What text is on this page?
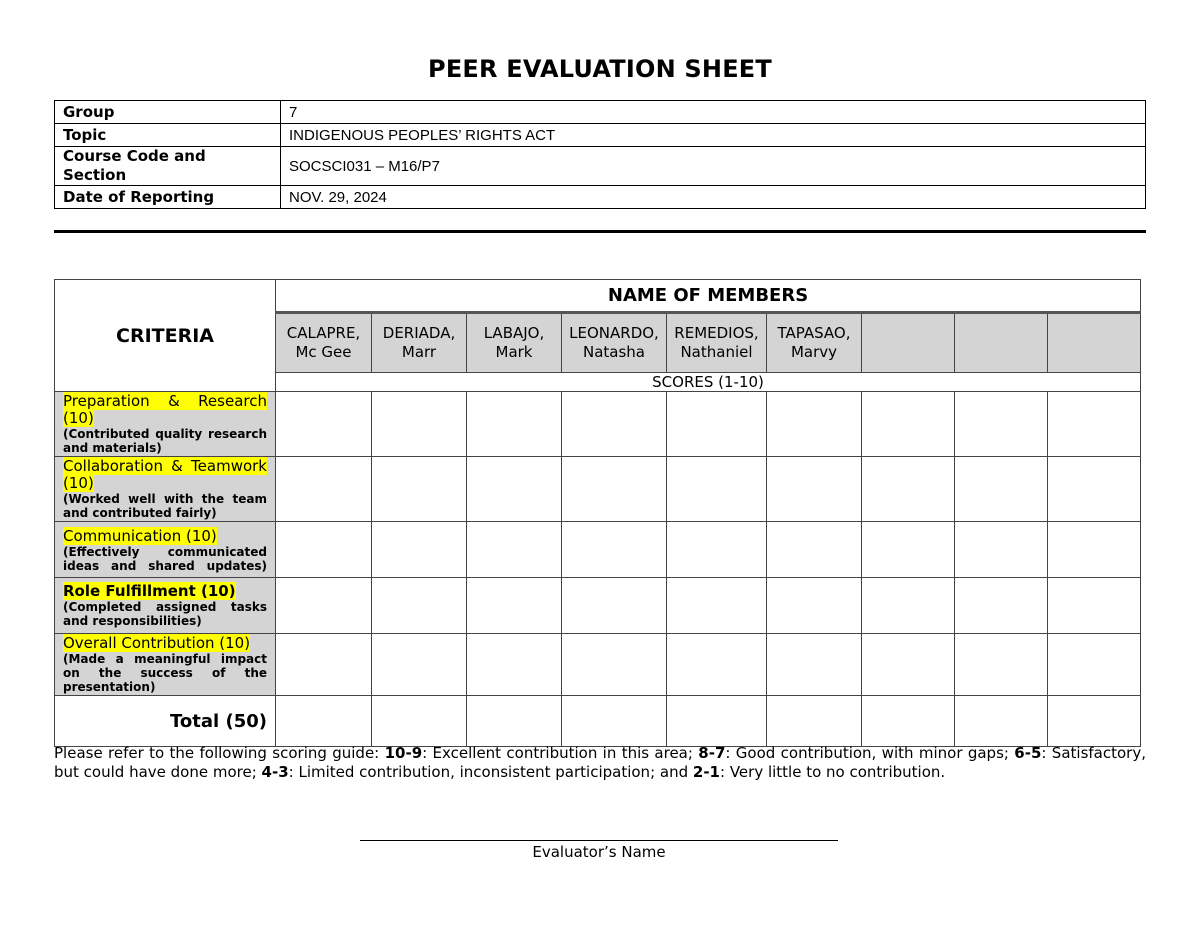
PEER EVALUATION SHEET
Group	7
Topic	INDIGENOUS PEOPLES’ RIGHTS ACT
Course Code and Section	SOCSCI031 – M16/P7
Date of Reporting	NOV. 29, 2024
CRITERIA	NAME OF MEMBERS								
	CALAPRE, Mc Gee	DERIADA, Marr	LABAJO, Mark	LEONARDO, Natasha	REMEDIOS, Nathaniel	TAPASAO, Marvy			
	SCORES (1-10)								

Preparation & Research (10)
(Contributed quality research and materials)									

Collaboration & Teamwork (10)
(Worked well with the team and contributed fairly)									

Communication (10)
(Effectively communicated ideas and shared updates)									

Role Fulfillment (10)
(Completed assigned tasks and responsibilities)									

Overall Contribution (10)
(Made a meaningful impact on the success of the presentation)									

Total (50)									
Please refer to the following scoring guide: 10-9: Excellent contribution in this area; 8-7: Good contribution, with minor gaps; 6-5: Satisfactory, but could have done more; 4-3: Limited contribution, inconsistent participation; and 2-1: Very little to no contribution.
Evaluator’s Name
